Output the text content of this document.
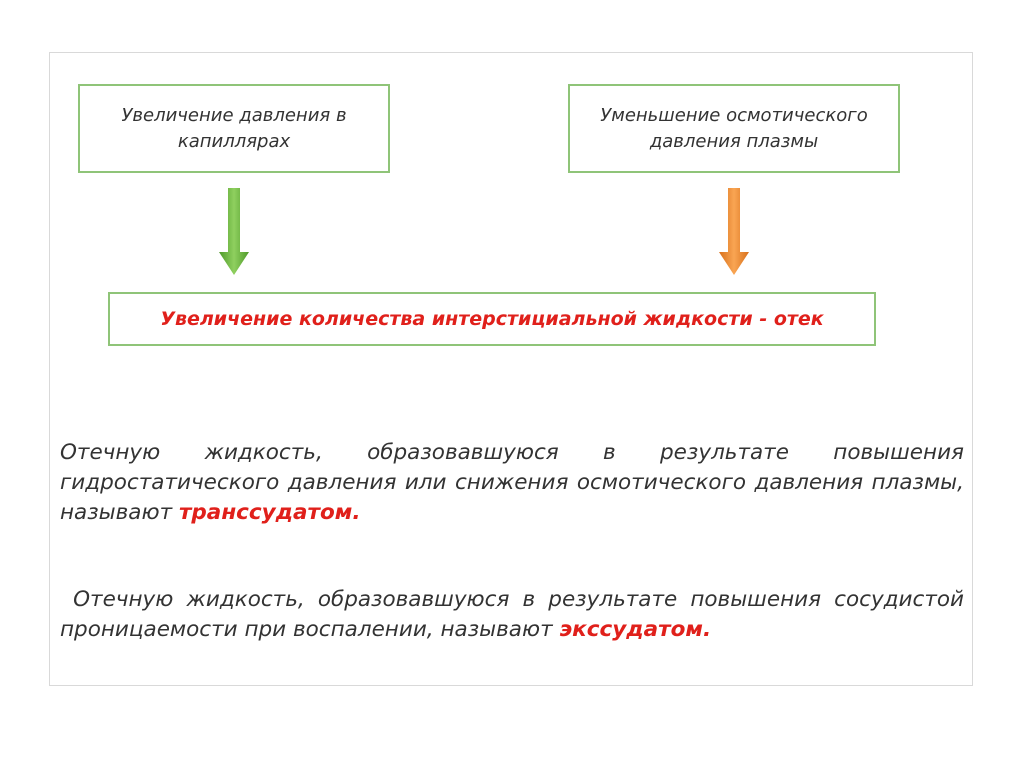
Увеличение давления в капиллярах
Уменьшение осмотического давления плазмы
Увеличение количества интерстициальной жидкости - отек
Отечную жидкость, образовавшуюся в результате повышения гидростатического давления или снижения осмотического давления плазмы, называют транссудатом.
Отечную жидкость, образовавшуюся в результате повышения сосудистой проницаемости при воспалении, называют экссудатом.
